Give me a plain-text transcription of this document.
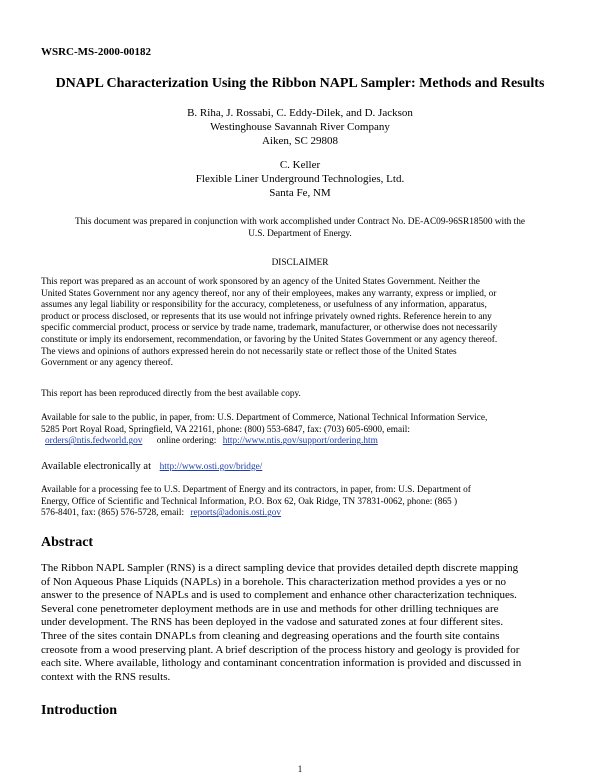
WSRC-MS-2000-00182
DNAPL Characterization Using the Ribbon NAPL Sampler: Methods and Results
B. Riha, J. Rossabi, C. Eddy-Dilek, and D. Jackson
Westinghouse Savannah River Company
Aiken, SC 29808
C. Keller
Flexible Liner Underground Technologies, Ltd.
Santa Fe, NM
This document was prepared in conjunction with work accomplished under Contract No. DE-AC09-96SR18500 with the
U.S. Department of Energy.
DISCLAIMER
This report was prepared as an account of work sponsored by an agency of the United States Government. Neither the
United States Government nor any agency thereof, nor any of their employees, makes any warranty, express or implied, or
assumes any legal liability or responsibility for the accuracy, completeness, or usefulness of any information, apparatus,
product or process disclosed, or represents that its use would not infringe privately owned rights. Reference herein to any
specific commercial product, process or service by trade name, trademark, manufacturer, or otherwise does not necessarily
constitute or imply its endorsement, recommendation, or favoring by the United States Government or any agency thereof.
The views and opinions of authors expressed herein do not necessarily state or reflect those of the United States
Government or any agency thereof.
This report has been reproduced directly from the best available copy.
Available for sale to the public, in paper, from: U.S. Department of Commerce, National Technical Information Service,
5285 Port Royal Road, Springfield, VA 22161, phone: (800) 553-6847, fax: (703) 605-6900, email:
orders@ntis.fedworld.gov online ordering: http://www.ntis.gov/support/ordering.htm
Available electronically at http://www.osti.gov/bridge/
Available for a processing fee to U.S. Department of Energy and its contractors, in paper, from: U.S. Department of
Energy, Office of Scientific and Technical Information, P.O. Box 62, Oak Ridge, TN 37831-0062, phone: (865 )
576-8401, fax: (865) 576-5728, email: reports@adonis.osti.gov
Abstract
The Ribbon NAPL Sampler (RNS) is a direct sampling device that provides detailed depth discrete mapping
of Non Aqueous Phase Liquids (NAPLs) in a borehole. This characterization method provides a yes or no
answer to the presence of NAPLs and is used to complement and enhance other characterization techniques.
Several cone penetrometer deployment methods are in use and methods for other drilling techniques are
under development. The RNS has been deployed in the vadose and saturated zones at four different sites.
Three of the sites contain DNAPLs from cleaning and degreasing operations and the fourth site contains
creosote from a wood preserving plant. A brief description of the process history and geology is provided for
each site. Where available, lithology and contaminant concentration information is provided and discussed in
context with the RNS results.
Introduction
1
